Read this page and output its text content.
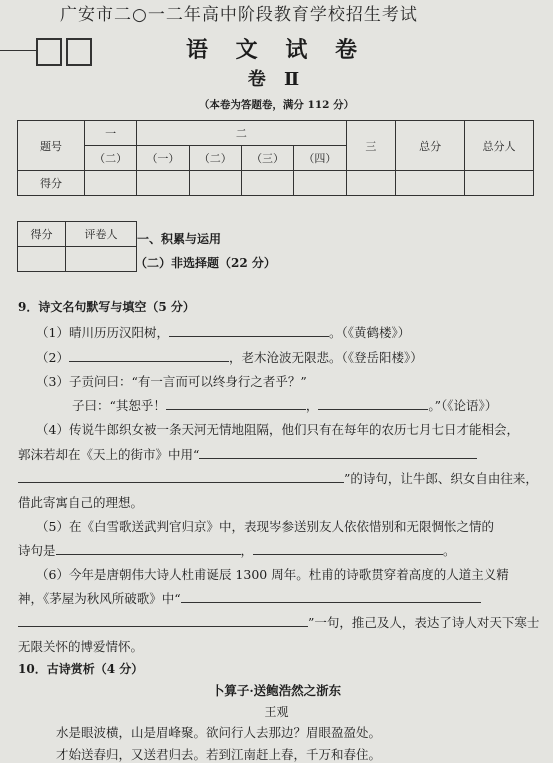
广安市二○一二年高中阶段教育学校招生考试
语 文 试 卷
卷 Ⅱ
（本卷为答题卷，满分 112 分）
题号	一	二				三	总分	总分人
	（二）	（一）	（二）	（三）	（四）			
得分								
得分	评卷人
	一、积累与运用
（二）非选择题（22 分）
9．诗文名句默写与填空（5 分）
（1）晴川历历汉阳树，	。（《黄鹤楼》）
（2）	，老木沧波无限悲。（《登岳阳楼》）
（3）子贡问曰：“有一言而可以终身行之者乎？”
子曰：“其恕乎！	，	。”（《论语》）
（4）传说牛郎织女被一条天河无情地阻隔，他们只有在每年的农历七月七日才能相会，
郭沫若却在《天上的街市》中用“
”的诗句，让牛郎、织女自由往来，
借此寄寓自己的理想。
（5）在《白雪歌送武判官归京》中，表现岑参送别友人依依惜别和无限惆怅之情的
诗句是	，	。
（6）今年是唐朝伟大诗人杜甫诞辰 1300 周年。杜甫的诗歌贯穿着高度的人道主义精
神，《茅屋为秋风所破歌》中“
”一句，推己及人，表达了诗人对天下寒士
无限关怀的博爱情怀。
10．古诗赏析（4 分）
卜算子·送鲍浩然之浙东
王观
水是眼波横，山是眉峰聚。欲问行人去那边？眉眼盈盈处。
才始送春归，又送君归去。若到江南赶上春，千万和春住。
